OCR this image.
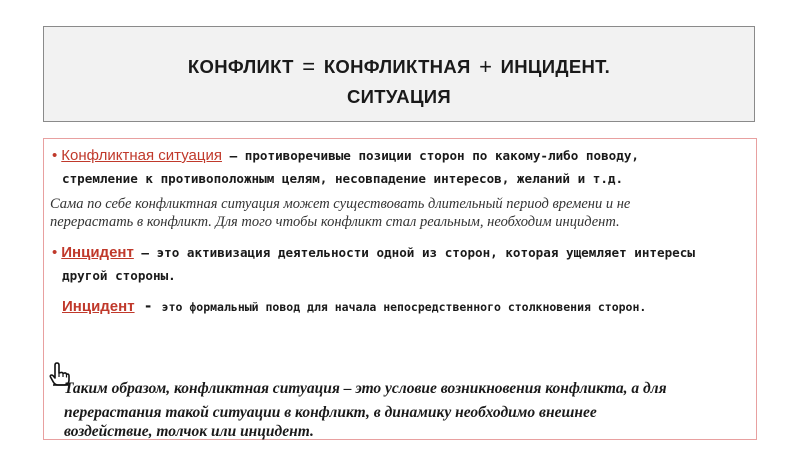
КОНФЛИКТ = КОНФЛИКТНАЯ + ИНЦИДЕНТ.
СИТУАЦИЯ
• Конфликтная ситуация – противоречивые позиции сторон по какому-либо поводу,
стремление к противоположным целям, несовпадение интересов, желаний и т.д.
Сама по себе конфликтная ситуация может существовать длительный период времени и не
перерастать в конфликт. Для того чтобы конфликт стал реальным, необходим инцидент.
• Инцидент – это активизация деятельности одной из сторон, которая ущемляет интересы
другой стороны.
Инцидент - это формальный повод для начала непосредственного столкновения сторон.
Таким образом, конфликтная ситуация – это условие возникновения конфликта, а для
перерастания такой ситуации в конфликт, в динамику необходимо внешнее
воздействие, толчок или инцидент.
